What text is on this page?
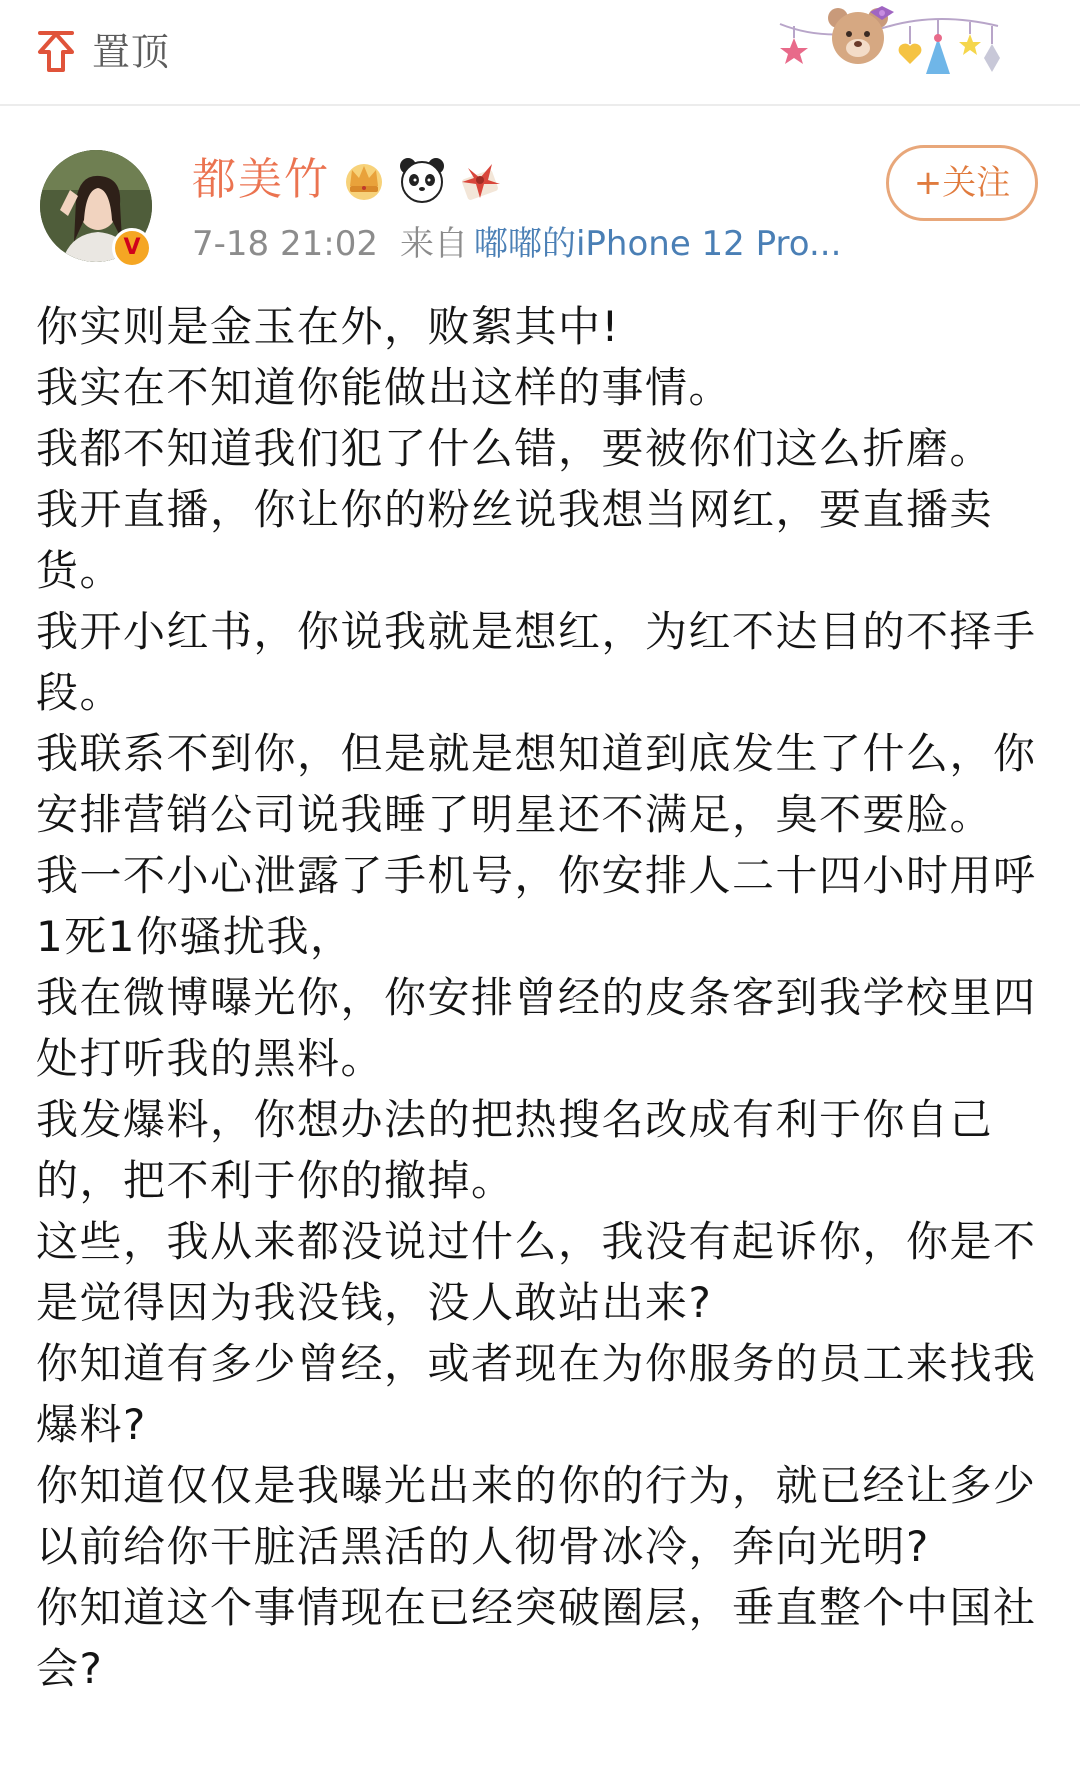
置顶
V
都美竹
7-18 21:02 来自 嘟嘟的iPhone 12 Pro...
+关注

你实则是金玉在外，败絮其中!

我实在不知道你能做出这样的事情。

我都不知道我们犯了什么错，要被你们这么折磨。

我开直播，你让你的粉丝说我想当网红，要直播卖货。

我开小红书，你说我就是想红，为红不达目的不择手段。

我联系不到你，但是就是想知道到底发生了什么，你安排营销公司说我睡了明星还不满足，臭不要脸。

我一不小心泄露了手机号，你安排人二十四小时用呼1死1你骚扰我，

我在微博曝光你，你安排曾经的皮条客到我学校里四处打听我的黑料。

我发爆料，你想办法的把热搜名改成有利于你自己的，把不利于你的撤掉。

这些，我从来都没说过什么，我没有起诉你，你是不是觉得因为我没钱，没人敢站出来?

你知道有多少曾经，或者现在为你服务的员工来找我爆料?

你知道仅仅是我曝光出来的你的行为，就已经让多少以前给你干脏活黑活的人彻骨冰冷，奔向光明?

你知道这个事情现在已经突破圈层，垂直整个中国社会?
